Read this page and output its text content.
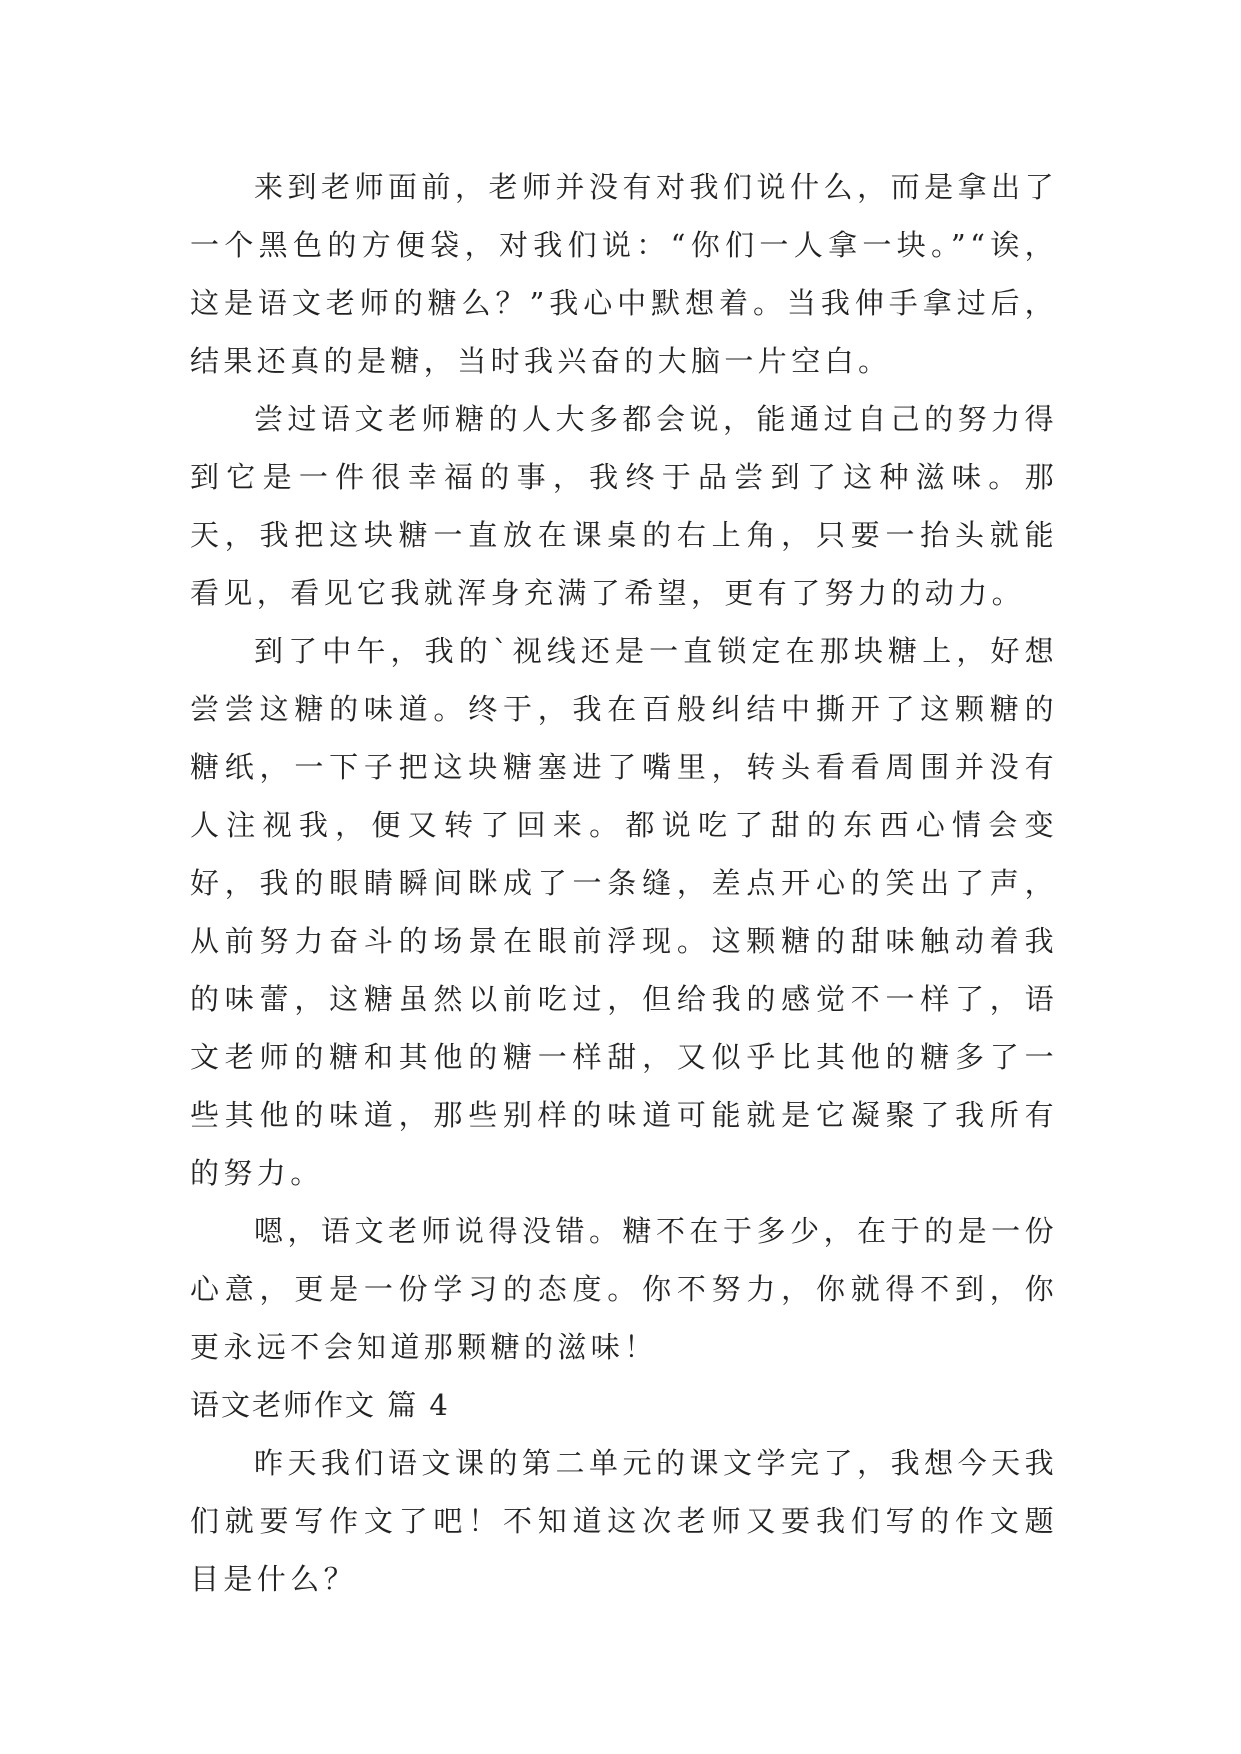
来到老师面前，老师并没有对我们说什么，而是拿出了一个黑色的方便袋，对我们说：“你们一人拿一块。”“诶，这是语文老师的糖么？”我心中默想着。当我伸手拿过后，结果还真的是糖，当时我兴奋的大脑一片空白。

尝过语文老师糖的人大多都会说，能通过自己的努力得到它是一件很幸福的事，我终于品尝到了这种滋味。那天，我把这块糖一直放在课桌的右上角，只要一抬头就能看见，看见它我就浑身充满了希望，更有了努力的动力。

到了中午，我的`视线还是一直锁定在那块糖上，好想尝尝这糖的味道。终于，我在百般纠结中撕开了这颗糖的糖纸，一下子把这块糖塞进了嘴里，转头看看周围并没有人注视我，便又转了回来。都说吃了甜的东西心情会变好，我的眼睛瞬间眯成了一条缝，差点开心的笑出了声，从前努力奋斗的场景在眼前浮现。这颗糖的甜味触动着我的味蕾，这糖虽然以前吃过，但给我的感觉不一样了，语文老师的糖和其他的糖一样甜，又似乎比其他的糖多了一些其他的味道，那些别样的味道可能就是它凝聚了我所有的努力。

嗯，语文老师说得没错。糖不在于多少，在于的是一份心意，更是一份学习的态度。你不努力，你就得不到，你更永远不会知道那颗糖的滋味！

语文老师作文 篇 4

昨天我们语文课的第二单元的课文学完了，我想今天我们就要写作文了吧！不知道这次老师又要我们写的作文题目是什么？
